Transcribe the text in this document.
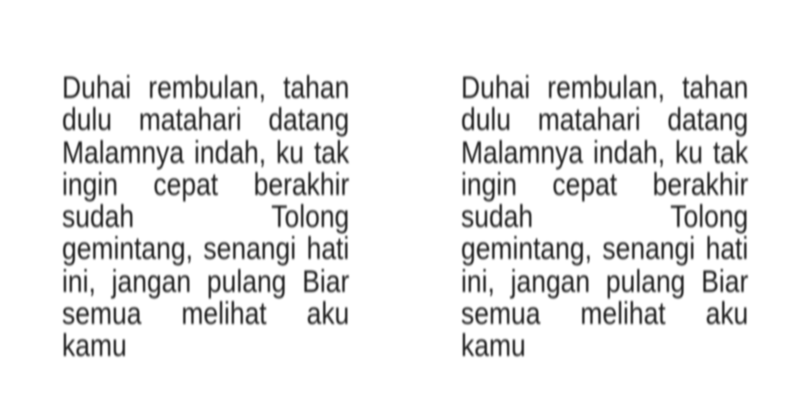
Duhai rembulan, tahan
dulu matahari datang
Malamnya indah, ku tak
ingin cepat berakhir
sudah	Tolong
gemintang, senangi hati
ini, jangan pulang Biar
semua melihat aku
kamu
Duhai rembulan, tahan
dulu matahari datang
Malamnya indah, ku tak
ingin cepat berakhir
sudah	Tolong
gemintang, senangi hati
ini, jangan pulang Biar
semua melihat aku
kamu
